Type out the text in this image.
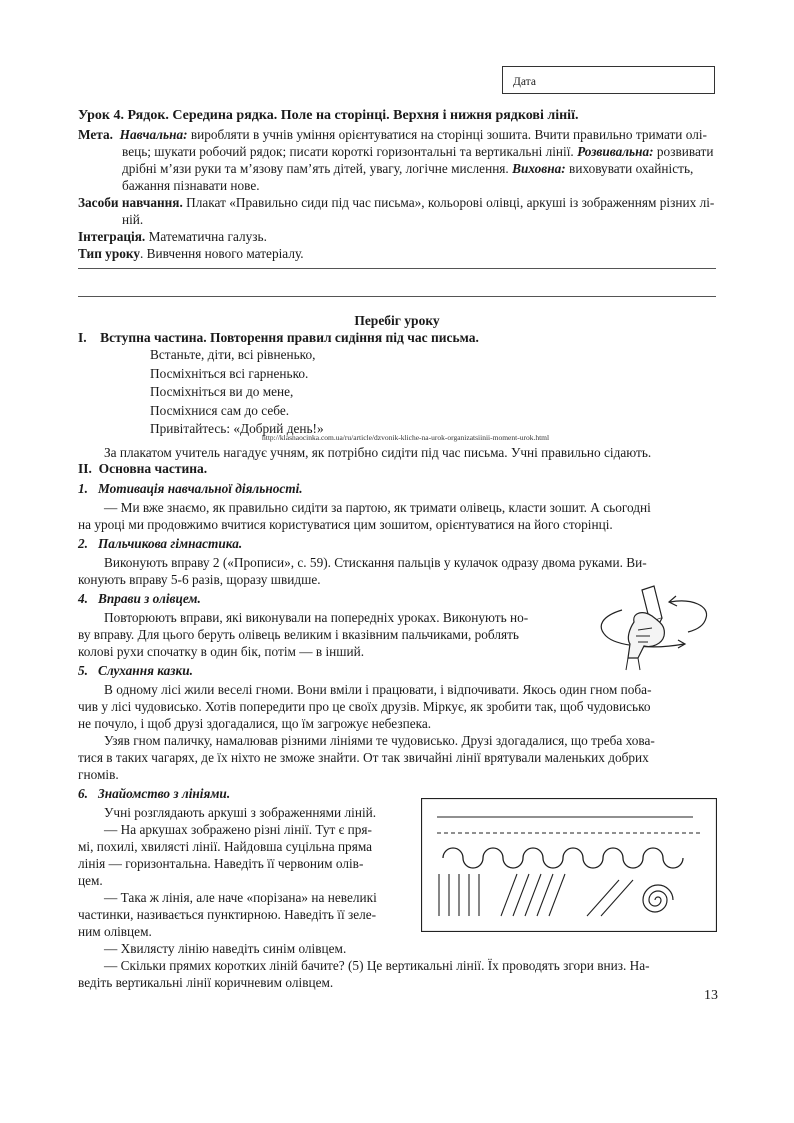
Дата
Урок 4. Рядок. Середина рядка. Поле на сторінці. Верхня і нижня рядкові лінії.
Мета. Навчальна: виробляти в учнів уміння орієнтуватися на сторінці зошита. Вчити правильно тримати олі-
вець; шукати робочий рядок; писати короткі горизонтальні та вертикальні лінії. Розвивальна: розвивати
дрібні м’язи руки та м’язову пам’ять дітей, увагу, логічне мислення. Виховна: виховувати охайність,
бажання пізнавати нове.
Засоби навчання. Плакат «Правильно сиди під час письма», кольорові олівці, аркуші із зображенням різних лі-
ній.
Інтеграція. Математична галузь.
Тип уроку. Вивчення нового матеріалу.
Перебіг уроку
I.    Вступна частина. Повторення правил сидіння під час письма.
Встаньте, діти, всі рівненько,
Посміхніться всі гарненько.
Посміхніться ви до мене,
Посміхнися сам до себе.
Привітайтесь: «Добрий день!»
http://klasnaocinka.com.ua/ru/article/dzvonik-kliche-na-urok-organizatsiinii-moment-urok.html
За плакатом учитель нагадує учням, як потрібно сидіти під час письма. Учні правильно сідають.
II.  Основна частина.
1.   Мотивація навчальної діяльності.
— Ми вже знаємо, як правильно сидіти за партою, як тримати олівець, класти зошит. А сьогодні
на уроці ми продовжимо вчитися користуватися цим зошитом, орієнтуватися на його сторінці.
2.   Пальчикова гімнастика.
Виконують вправу 2 («Прописи», с. 59). Стискання пальців у кулачок одразу двома руками. Ви-
конують вправу 5-6 разів, щоразу швидше.
4.   Вправи з олівцем.
Повторюють вправи, які виконували на попередніх уроках. Виконують но-
ву вправу. Для цього беруть олівець великим і вказівним пальчиками, роблять
колові рухи спочатку в один бік, потім — в інший.
5.   Слухання казки.
В одному лісі жили веселі гноми. Вони вміли і працювати, і відпочивати. Якось один гном поба-
чив у лісі чудовисько. Хотів попередити про це своїх друзів. Міркує, як зробити так, щоб чудовисько
не почуло, і щоб друзі здогадалися, що їм загрожує небезпека.
Узяв гном паличку, намалював різними лініями те чудовисько. Друзі здогадалися, що треба хова-
тися в таких чагарях, де їх ніхто не зможе знайти. От так звичайні лінії врятували маленьких добрих
гномів.
6.   Знайомство з лініями.
Учні розглядають аркуші з зображеннями ліній.
— На аркушах зображено різні лінії. Тут є пря-
мі, похилі, хвилясті лінії. Найдовша суцільна пряма
лінія — горизонтальна. Наведіть її червоним олів-
цем.
— Така ж лінія, але наче «порізана» на невеликі
частинки, називається пунктирною. Наведіть її зеле-
ним олівцем.
— Хвилясту лінію наведіть синім олівцем.
— Скільки прямих коротких ліній бачите? (5) Це вертикальні лінії. Їх проводять згори вниз. На-
ведіть вертикальні лінії коричневим олівцем.
13
